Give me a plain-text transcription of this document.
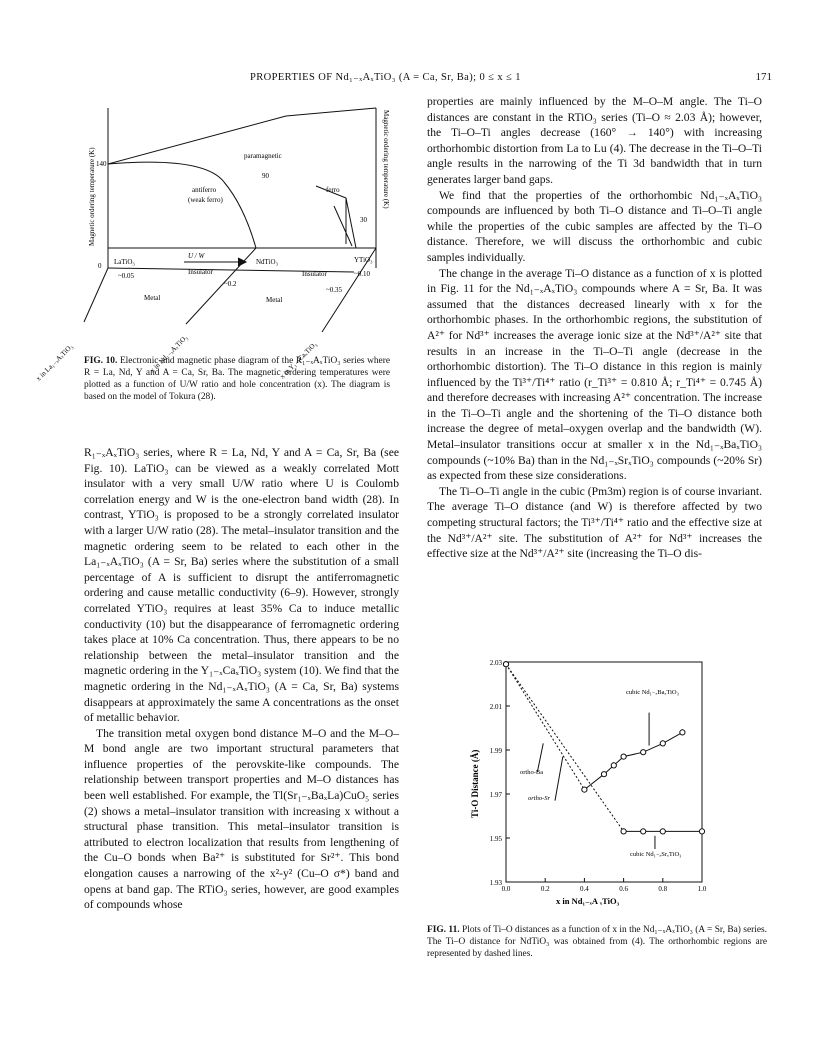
PROPERTIES OF Nd₁₋ₓAₓTiO₃ (A = Ca, Sr, Ba); 0 ≤ x ≤ 1	171
Magnetic ordering temperature (K)	Magnetic ordering temperature (K)
140
90
30
0
paramagnetic
antiferro
(weak ferro)
ferro
LaTiO₃	NdTiO₃	YTiO₃
U / W
Insulator	Insulator
~0.05
~0.2
~0.10
~0.35
Metal	Metal
x in La₁₋ₓAₓTiO₃	x in Nd₁₋ₓAₓTiO₃	x in Y₁₋ₓCaₓTiO₃
FIG. 10. Electronic and magnetic phase diagram of the R₁₋ₓAₓTiO₃ series where R = La, Nd, Y and A = Ca, Sr, Ba. The magnetic ordering temperatures were plotted as a function of U/W ratio and hole concentration (x). The diagram is based on the model of Tokura (28).

R₁₋ₓAₓTiO₃ series, where R = La, Nd, Y and A = Ca, Sr, Ba (see Fig. 10). LaTiO₃ can be viewed as a weakly correlated Mott insulator with a very small U/W ratio where U is Coulomb correlation energy and W is the one-electron band width (28). In contrast, YTiO₃ is proposed to be a strongly correlated insulator with a larger U/W ratio (28). The metal–insulator transition and the magnetic ordering seem to be related to each other in the La₁₋ₓAₓTiO₃ (A = Sr, Ba) series where the substitution of a small percentage of A is sufficient to disrupt the antiferromagnetic ordering and cause metallic conductivity (6–9). However, strongly correlated YTiO₃ requires at least 35% Ca to induce metallic conductivity (10) but the disappearance of ferromagnetic ordering takes place at 10% Ca concentration. Thus, there appears to be no relationship between the metal–insulator transition and the magnetic ordering in the Y₁₋ₓCaₓTiO₃ system (10). We find that the magnetic ordering in the Nd₁₋ₓAₓTiO₃ (A = Ca, Sr, Ba) systems disappears at approximately the same A concentrations as the onset of metallic behavior.

The transition metal oxygen bond distance M–O and the M–O–M bond angle are two important structural parameters that influence properties of the perovskite-like compounds. The relationship between transport properties and M–O distances has been well established. For example, the Tl(Sr₁₋ₓBaₓLa)CuO₅ series (2) shows a metal–insulator transition with increasing x without a structural phase transition. This metal–insulator transition is attributed to electron localization that results from lengthening of the Cu–O bonds when Ba²⁺ is substituted for Sr²⁺. This bond elongation causes a narrowing of the x²-y² (Cu–O σ*) band and opens at band gap. The RTiO₃ series, however, are good examples of compounds whose

properties are mainly influenced by the M–O–M angle. The Ti–O distances are constant in the RTiO₃ series (Ti–O ≈ 2.03 Å); however, the Ti–O–Ti angles decrease (160° → 140°) with increasing orthorhombic distortion from La to Lu (4). The decrease in the Ti–O–Ti angle results in the narrowing of the Ti 3d bandwidth that in turn generates larger band gaps.

We find that the properties of the orthorhombic Nd₁₋ₓAₓTiO₃ compounds are influenced by both Ti–O distance and Ti–O–Ti angle while the properties of the cubic samples are affected by the Ti–O distance. Therefore, we will discuss the orthorhombic and cubic samples individually.

The change in the average Ti–O distance as a function of x is plotted in Fig. 11 for the Nd₁₋ₓAₓTiO₃ compounds where A = Sr, Ba. It was assumed that the distances decreased linearly with x for the orthorhombic phases. In the orthorhombic regions, the substitution of A²⁺ for Nd³⁺ increases the average ionic size at the Nd³⁺/A²⁺ site that results in an increase in the Ti–O–Ti angle (decrease in the orthorhombic distortion). The Ti–O distance in this region is mainly influenced by the Ti³⁺/Ti⁴⁺ ratio (r_Ti³⁺ = 0.810 Å; r_Ti⁴⁺ = 0.745 Å) and therefore decreases with increasing A²⁺ concentration. The increase in the Ti–O–Ti angle and the shortening of the Ti–O distance both increase the degree of metal–oxygen overlap and the bandwidth (W). Metal–insulator transitions occur at smaller x in the Nd₁₋ₓBaₓTiO₃ compounds (~10% Ba) than in the Nd₁₋ₓSrₓTiO₃ compounds (~20% Sr) as expected from these size considerations.

The Ti–O–Ti angle in the cubic (Pm3m) region is of course invariant. The average Ti–O distance (and W) is therefore affected by two competing structural factors; the Ti³⁺/Ti⁴⁺ ratio and the effective size at the Nd³⁺/A²⁺ site. The substitution of A²⁺ for Nd³⁺ increases the effective size at the Nd³⁺/A²⁺ site (increasing the Ti–O dis-

1.93
1.95
1.97
1.99
2.01
2.03
0.0	0.2	0.4	0.6	0.8	1.0
ortho-Ba
ortho-Sr
cubic Nd₁₋ₓBaₓTiO₃
cubic Nd₁₋ₓSrₓTiO₃
Ti-O Distance (Å)
x in Nd₁₋ₓA ₓTiO₃
FIG. 11. Plots of Ti–O distances as a function of x in the Nd₁₋ₓAₓTiO₃ (A = Sr, Ba) series. The Ti–O distance for NdTiO₃ was obtained from (4). The orthorhombic regions are represented by dashed lines.
